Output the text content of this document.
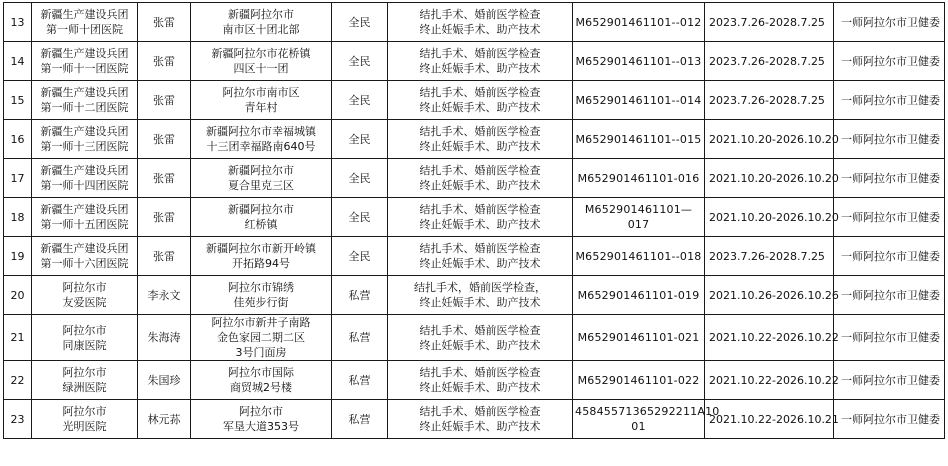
13	新疆生产建设兵团
第一师十团医院	张雷	新疆阿拉尔市
南市区十团北部	全民	结扎手术、婚前医学检查
终止妊娠手术、助产技术	M652901461101--012	2023.7.26-2028.7.25	一师阿拉尔市卫健委
14	新疆生产建设兵团
第一师十一团医院	张雷	新疆阿拉尔市花桥镇
四区十一团	全民	结扎手术、婚前医学检查
终止妊娠手术、助产技术	M652901461101--013	2023.7.26-2028.7.25	一师阿拉尔市卫健委
15	新疆生产建设兵团
第一师十二团医院	张雷	阿拉尔市南市区
青年村	全民	结扎手术、婚前医学检查
终止妊娠手术、助产技术	M652901461101--014	2023.7.26-2028.7.25	一师阿拉尔市卫健委
16	新疆生产建设兵团
第一师十三团医院	张雷	新疆阿拉尔市幸福城镇
十三团幸福路南640号	全民	结扎手术、婚前医学检查
终止妊娠手术、助产技术	M652901461101--015	2021.10.20-2026.10.20	一师阿拉尔市卫健委
17	新疆生产建设兵团
第一师十四团医院	张雷	新疆阿拉尔市
夏合里克三区	全民	结扎手术、婚前医学检查
终止妊娠手术、助产技术	M652901461101-016	2021.10.20-2026.10.20	一师阿拉尔市卫健委
18	新疆生产建设兵团
第一师十五团医院	张雷	新疆阿拉尔市
红桥镇	全民	结扎手术、婚前医学检查
终止妊娠手术、助产技术	M652901461101—017	2021.10.20-2026.10.20	一师阿拉尔市卫健委
19	新疆生产建设兵团
第一师十六团医院	张雷	新疆阿拉尔市新开岭镇
开拓路94号	全民	结扎手术、婚前医学检查
终止妊娠手术、助产技术	M652901461101--018	2023.7.26-2028.7.25	一师阿拉尔市卫健委
20	阿拉尔市
友爱医院	李永文	阿拉尔市锦绣
佳苑步行街	私营	结扎手术，婚前医学检查，
终止妊娠手术、助产技术	M652901461101-019	2021.10.26-2026.10.26	一师阿拉尔市卫健委
21	阿拉尔市
同康医院	朱海涛	阿拉尔市新井子南路
金色家园二期二区
3号门面房	私营	结扎手术、婚前医学检查
终止妊娠手术、助产技术	M652901461101-021	2021.10.22-2026.10.22	一师阿拉尔市卫健委
22	阿拉尔市
绿洲医院	朱国珍	阿拉尔市国际
商贸城2号楼	私营	结扎手术、婚前医学检查
终止妊娠手术、助产技术	M652901461101-022	2021.10.22-2026.10.22	一师阿拉尔市卫健委
23	阿拉尔市
光明医院	林元荪	阿拉尔市
军垦大道353号	私营	结扎手术、婚前医学检查
终止妊娠手术、助产技术	45845571365292211A10
01	2021.10.22-2026.10.21	一师阿拉尔市卫健委
